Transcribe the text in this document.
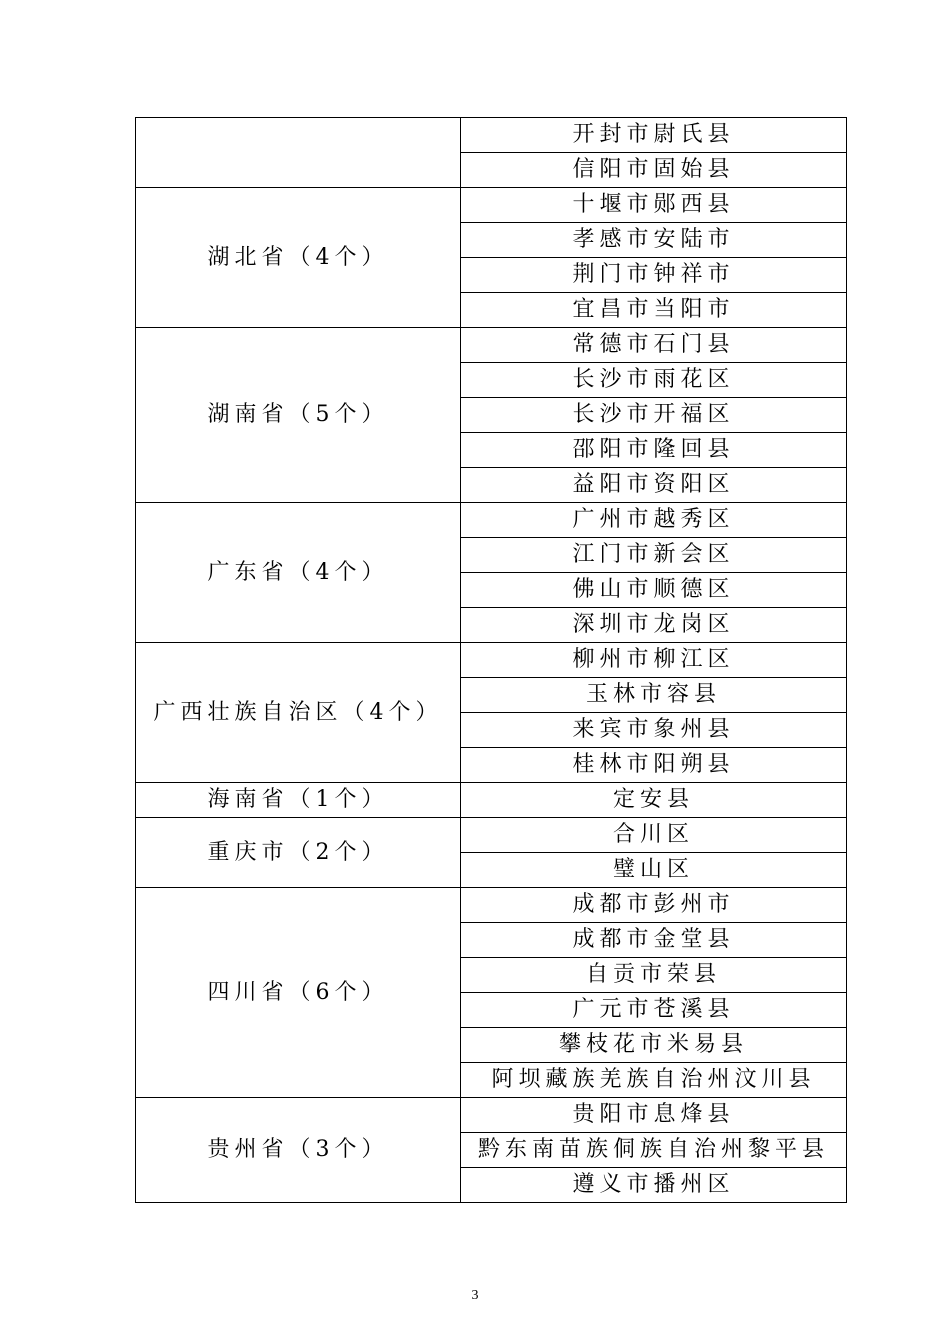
	开封市尉氏县
	信阳市固始县
湖北省（4个）	十堰市郧西县
	孝感市安陆市
	荆门市钟祥市
	宜昌市当阳市
湖南省（5个）	常德市石门县
	长沙市雨花区
	长沙市开福区
	邵阳市隆回县
	益阳市资阳区
广东省（4个）	广州市越秀区
	江门市新会区
	佛山市顺德区
	深圳市龙岗区
广西壮族自治区（4个）	柳州市柳江区
	玉林市容县
	来宾市象州县
	桂林市阳朔县
海南省（1个）	定安县
重庆市（2个）	合川区
	璧山区
四川省（6个）	成都市彭州市
	成都市金堂县
	自贡市荣县
	广元市苍溪县
	攀枝花市米易县
	阿坝藏族羌族自治州汶川县
贵州省（3个）	贵阳市息烽县
	黔东南苗族侗族自治州黎平县
	遵义市播州区
3
